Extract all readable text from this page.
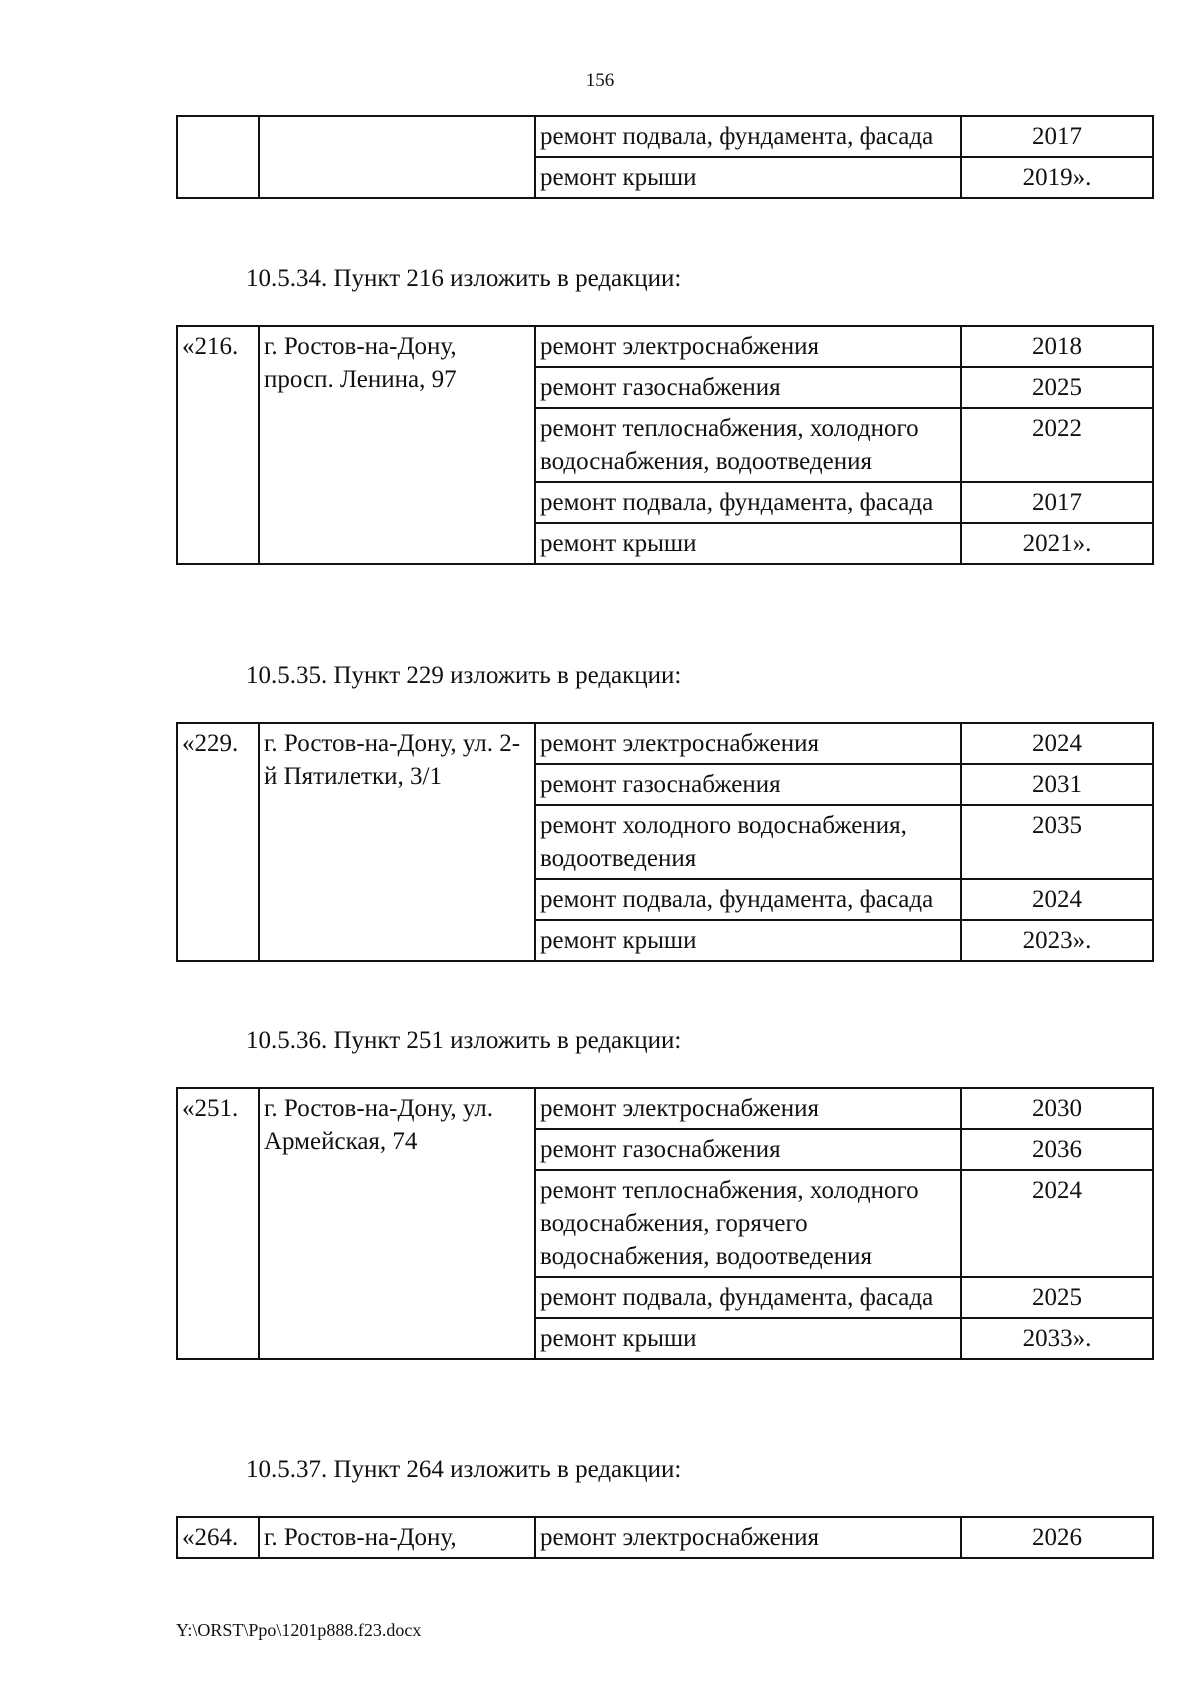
156
		ремонт подвала, фундамента, фасада	2017
		ремонт крыши	2019».
10.5.34. Пункт 216 изложить в редакции:
«216.	г. Ростов-на-Дону, просп. Ленина, 97	ремонт электроснабжения	2018
		ремонт газоснабжения	2025
		ремонт теплоснабжения, холодного водоснабжения, водоотведения	2022
		ремонт подвала, фундамента, фасада	2017
		ремонт крыши	2021».
10.5.35. Пункт 229 изложить в редакции:
«229.	г. Ростов-на-Дону, ул. 2-й Пятилетки, 3/1	ремонт электроснабжения	2024
		ремонт газоснабжения	2031
		ремонт холодного водоснабжения, водоотведения	2035
		ремонт подвала, фундамента, фасада	2024
		ремонт крыши	2023».
10.5.36. Пункт 251 изложить в редакции:
«251.	г. Ростов-на-Дону, ул. Армейская, 74	ремонт электроснабжения	2030
		ремонт газоснабжения	2036
		ремонт теплоснабжения, холодного водоснабжения, горячего водоснабжения, водоотведения	2024
		ремонт подвала, фундамента, фасада	2025
		ремонт крыши	2033».
10.5.37. Пункт 264 изложить в редакции:
«264.	г. Ростов-на-Дону,	ремонт электроснабжения	2026
Y:\ORST\Ppo\1201p888.f23.docx
